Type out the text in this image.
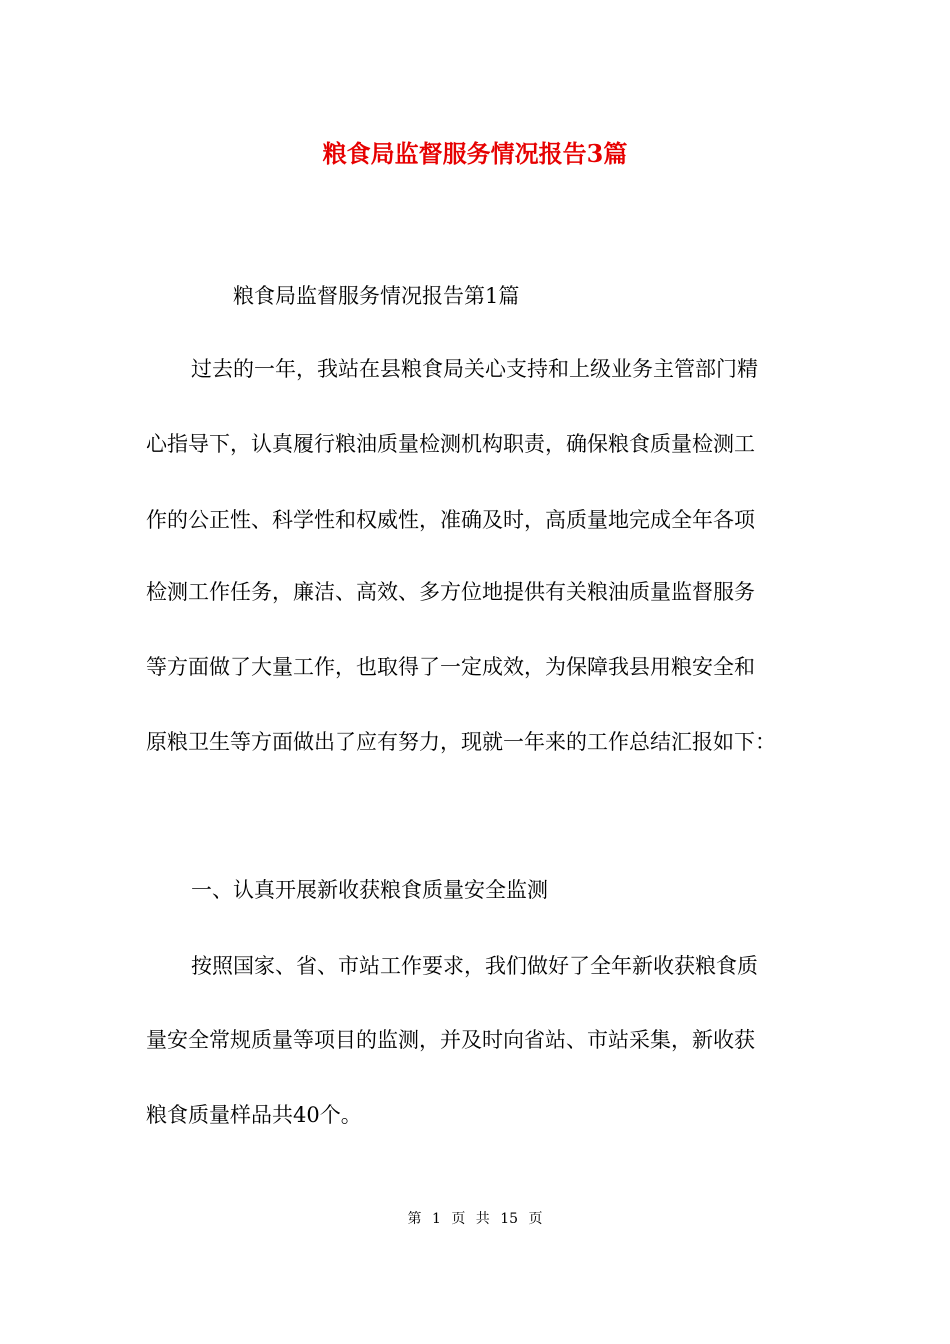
粮食局监督服务情况报告3篇
粮食局监督服务情况报告第1篇
过去的一年，我站在县粮食局关心支持和上级业务主管部门精
心指导下，认真履行粮油质量检测机构职责，确保粮食质量检测工
作的公正性、科学性和权威性，准确及时，高质量地完成全年各项
检测工作任务，廉洁、高效、多方位地提供有关粮油质量监督服务
等方面做了大量工作，也取得了一定成效，为保障我县用粮安全和
原粮卫生等方面做出了应有努力，现就一年来的工作总结汇报如下：
一、认真开展新收获粮食质量安全监测
按照国家、省、市站工作要求，我们做好了全年新收获粮食质
量安全常规质量等项目的监测，并及时向省站、市站采集，新收获
粮食质量样品共40个。
第 1 页 共 15 页
